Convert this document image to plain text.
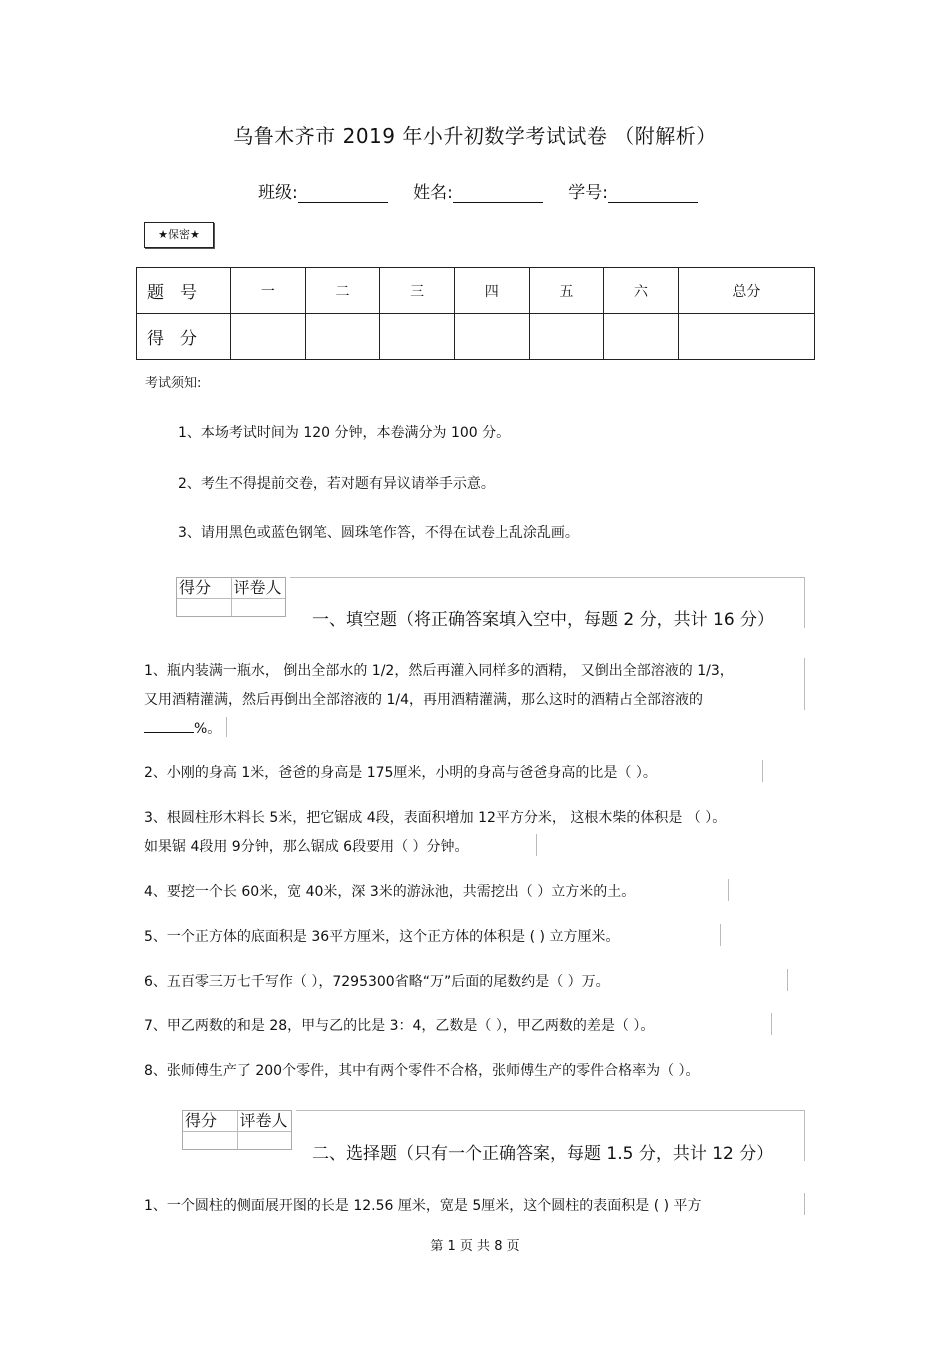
乌鲁木齐市 2019 年小升初数学考试试卷 （附解析）
班级:	姓名:	学号:
★保密★
题号	一	二	三	四	五	六	总分
得分							
考试须知:
1、本场考试时间为 120 分钟，本卷满分为 100 分。
2、考生不得提前交卷，若对题有异议请举手示意。
3、请用黑色或蓝色钢笔、圆珠笔作答，不得在试卷上乱涂乱画。
得分	评卷人
一、填空题（将正确答案填入空中，每题 2 分，共计 16 分）
1、瓶内装满一瓶水， 倒出全部水的 1/2，然后再灌入同样多的酒精， 又倒出全部溶液的 1/3，
又用酒精灌满，然后再倒出全部溶液的 1/4，再用酒精灌满，那么这时的酒精占全部溶液的
%。
2、小刚的身高 1米，爸爸的身高是 175厘米，小明的身高与爸爸身高的比是（ ）。
3、根圆柱形木料长 5米，把它锯成 4段，表面积增加 12平方分米， 这根木柴的体积是 （ ）。
如果锯 4段用 9分钟，那么锯成 6段要用（ ）分钟。
4、要挖一个长 60米，宽 40米，深 3米的游泳池，共需挖出（ ）立方米的土。
5、一个正方体的底面积是 36平方厘米，这个正方体的体积是 ( ) 立方厘米。
6、五百零三万七千写作（ ），7295300省略“万”后面的尾数约是（ ）万。
7、甲乙两数的和是 28，甲与乙的比是 3：4，乙数是（ ），甲乙两数的差是（ ）。
8、张师傅生产了 200个零件，其中有两个零件不合格，张师傅生产的零件合格率为（ ）。
得分	评卷人
二、选择题（只有一个正确答案，每题 1.5 分，共计 12 分）
1、一个圆柱的侧面展开图的长是 12.56 厘米，宽是 5厘米，这个圆柱的表面积是 ( ) 平方
第 1 页 共 8 页
